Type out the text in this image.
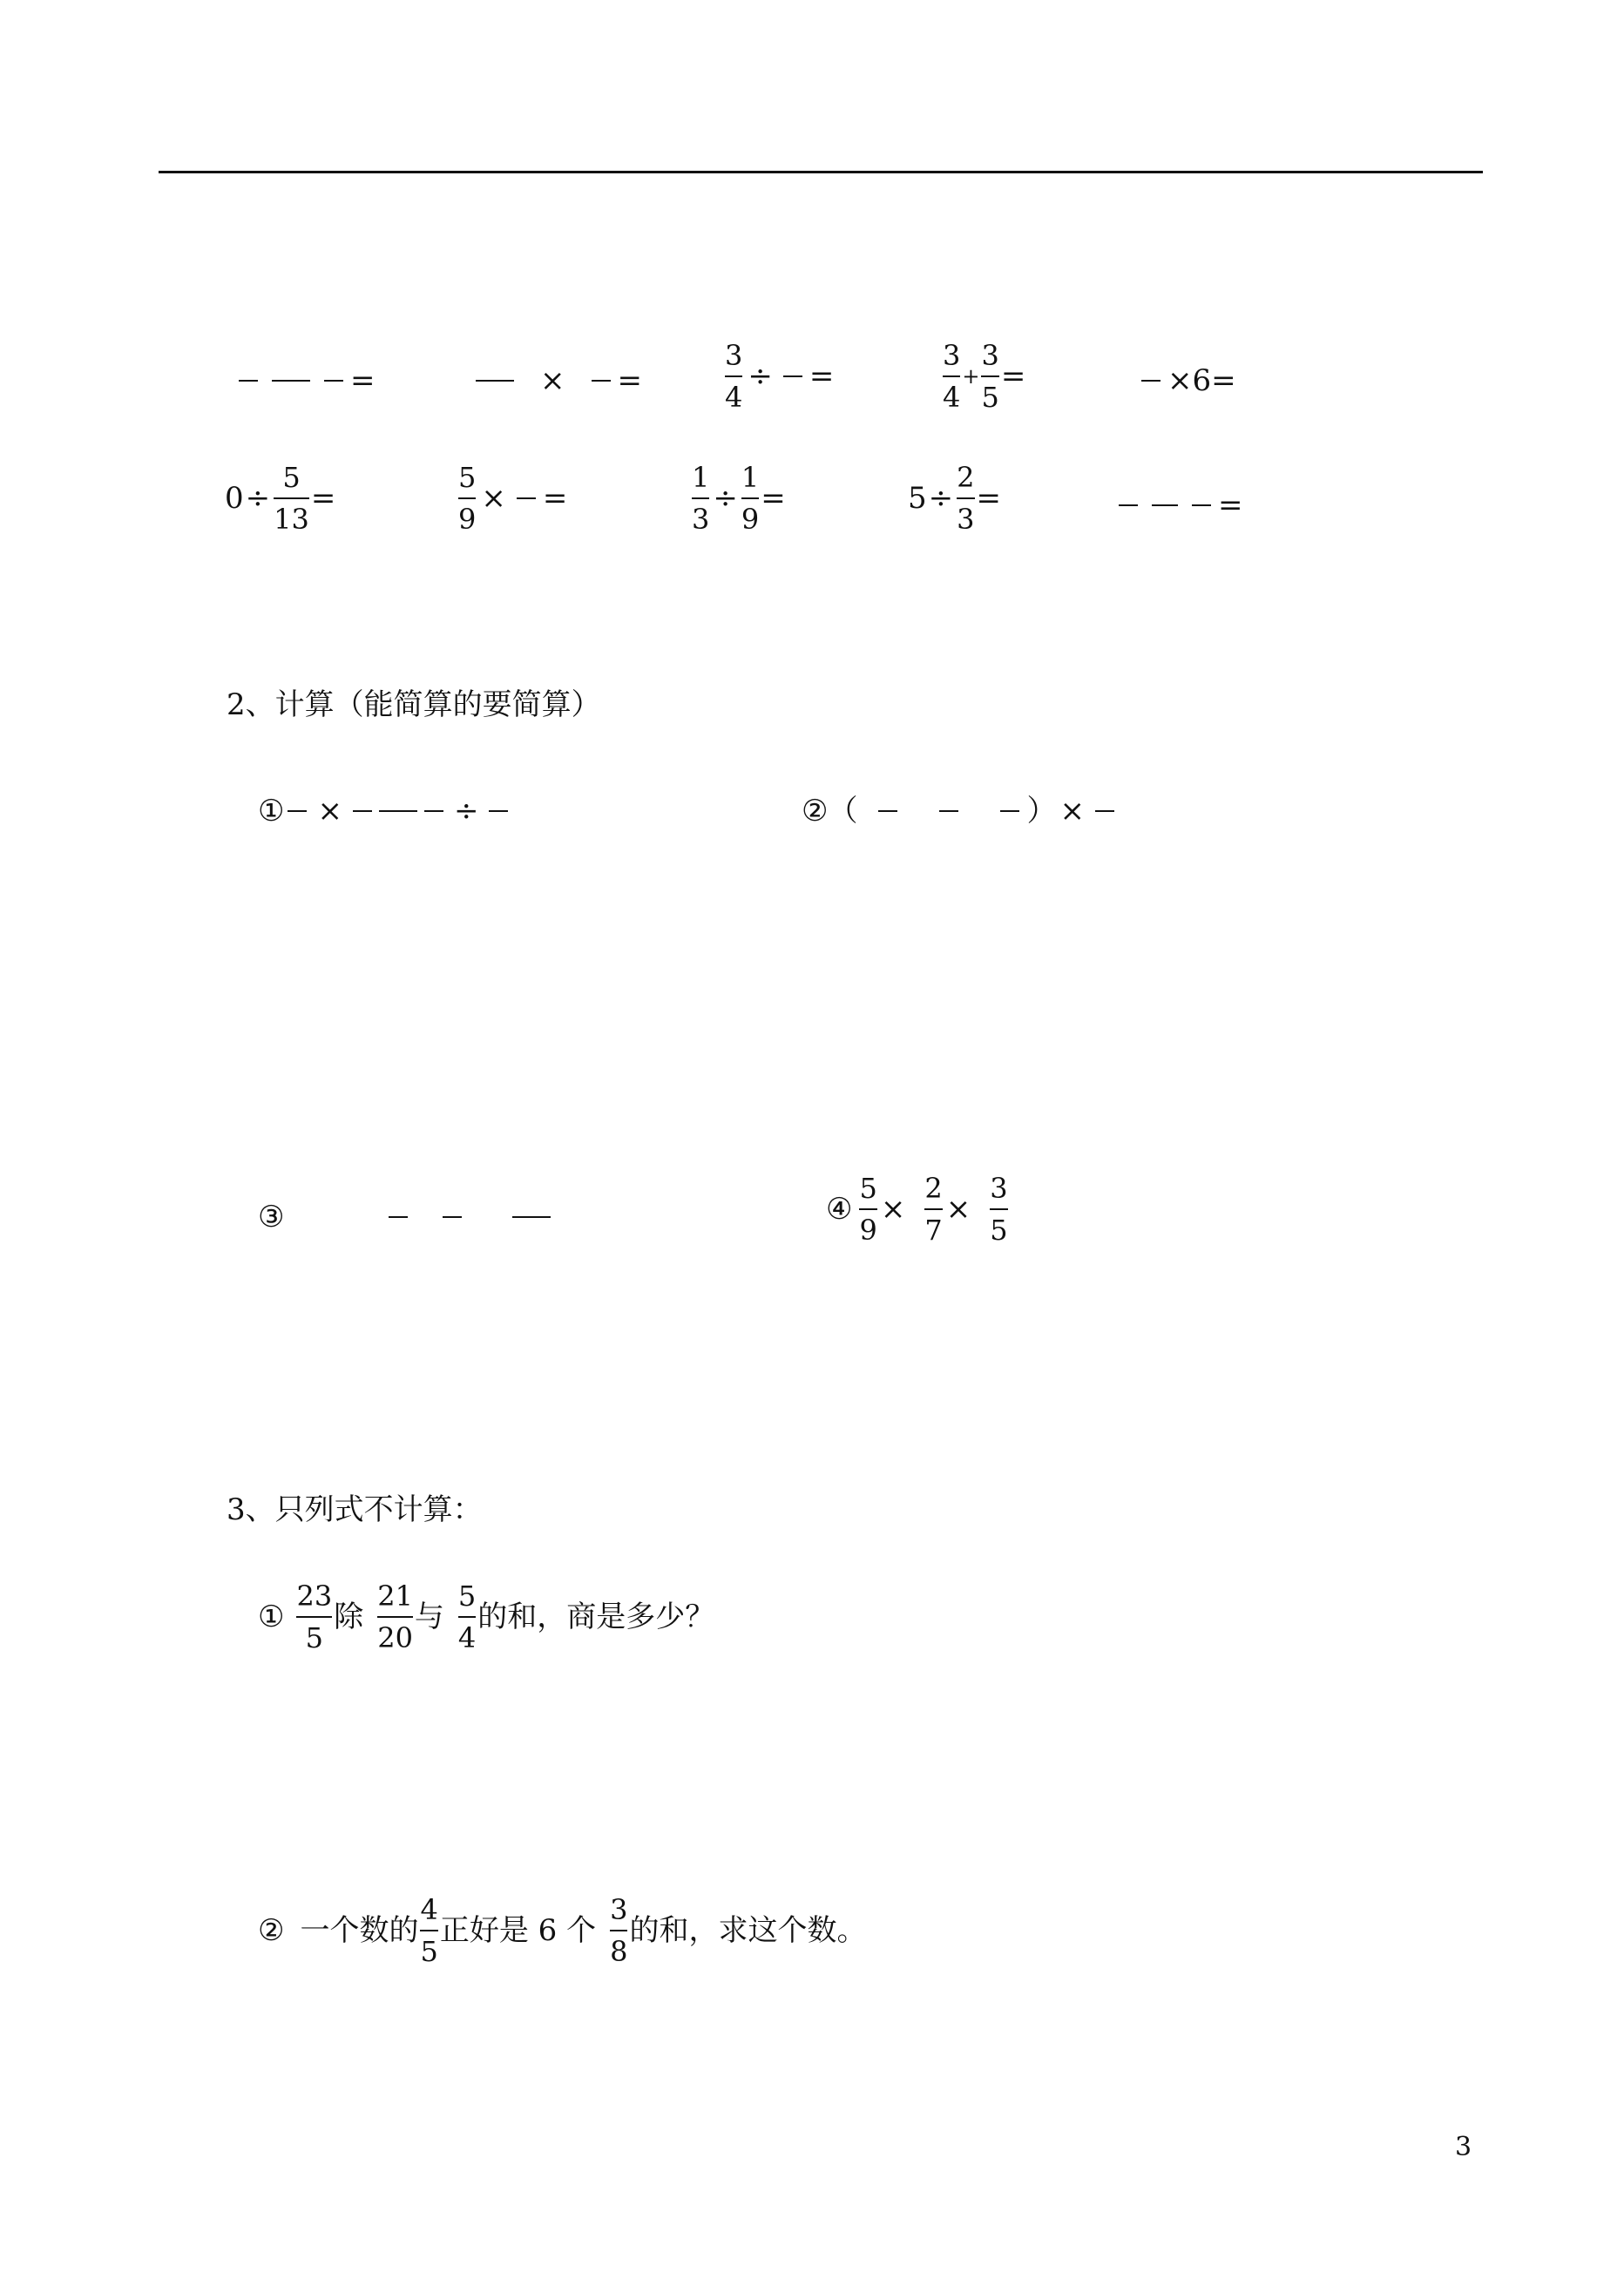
=	× =	$\frac{3}{4}$ ÷ =	$\frac{3}{4} + \frac{3}{5}$ =	× 6 =
$0 \div \frac{5}{13}$ =	$\frac{5}{9}$ × =	$\frac{1}{3} \div \frac{1}{9}$ =	$5 \div \frac{2}{3}$ =	=
2、计算（能简算的要简算）
① ×	÷	② （	） ×
③	④ $\frac{5}{9} \times \frac{2}{7} \times \frac{3}{5}$
3、只列式不计算：
① $\frac{23}{5}$ 除 $\frac{21}{20}$ 与 $\frac{5}{4}$ 的和，商是多少？
② 一个数的 $\frac{4}{5}$ 正好是 6 个 $\frac{3}{8}$ 的和，求这个数。
3
